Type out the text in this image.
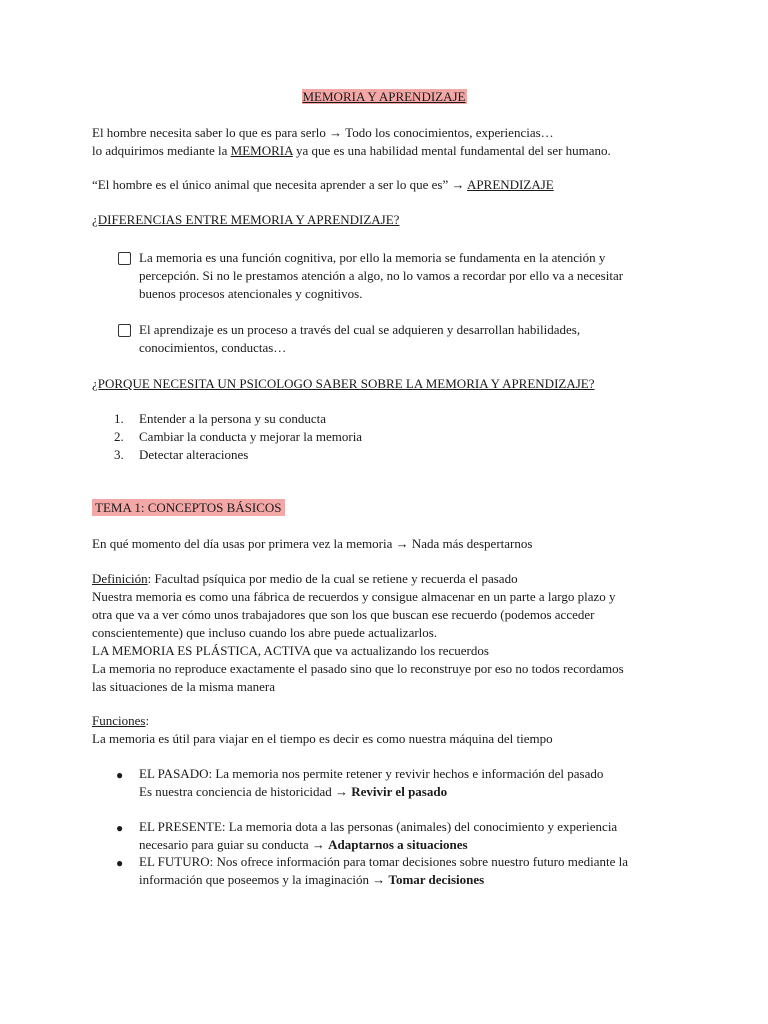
MEMORIA Y APRENDIZAJE

El hombre necesita saber lo que es para serlo → Todo los conocimientos, experiencias…

lo adquirimos mediante la MEMORIA ya que es una habilidad mental fundamental del ser humano.

“El hombre es el único animal que necesita aprender a ser lo que es” → APRENDIZAJE

¿DIFERENCIAS ENTRE MEMORIA Y APRENDIZAJE?

La memoria es una función cognitiva, por ello la memoria se fundamenta en la atención y

percepción. Si no le prestamos atención a algo, no lo vamos a recordar por ello va a necesitar

buenos procesos atencionales y cognitivos.

El aprendizaje es un proceso a través del cual se adquieren y desarrollan habilidades,

conocimientos, conductas…

¿PORQUE NECESITA UN PSICOLOGO SABER SOBRE LA MEMORIA Y APRENDIZAJE?

1. Entender a la persona y su conducta
2. Cambiar la conducta y mejorar la memoria
3. Detectar alteraciones
TEMA 1: CONCEPTOS BÁSICOS

En qué momento del día usas por primera vez la memoria → Nada más despertarnos

Definición: Facultad psíquica por medio de la cual se retiene y recuerda el pasado

Nuestra memoria es como una fábrica de recuerdos y consigue almacenar en un parte a largo plazo y

otra que va a ver cómo unos trabajadores que son los que buscan ese recuerdo (podemos acceder

conscientemente) que incluso cuando los abre puede actualizarlos.

LA MEMORIA ES PLÁSTICA, ACTIVA que va actualizando los recuerdos

La memoria no reproduce exactamente el pasado sino que lo reconstruye por eso no todos recordamos

las situaciones de la misma manera

Funciones:

La memoria es útil para viajar en el tiempo es decir es como nuestra máquina del tiempo

● EL PASADO: La memoria nos permite retener y revivir hechos e información del pasado

Es nuestra conciencia de historicidad → Revivir el pasado

● EL PRESENTE: La memoria dota a las personas (animales) del conocimiento y experiencia

necesario para guiar su conducta → Adaptarnos a situaciones

● EL FUTURO: Nos ofrece información para tomar decisiones sobre nuestro futuro mediante la

información que poseemos y la imaginación → Tomar decisiones
